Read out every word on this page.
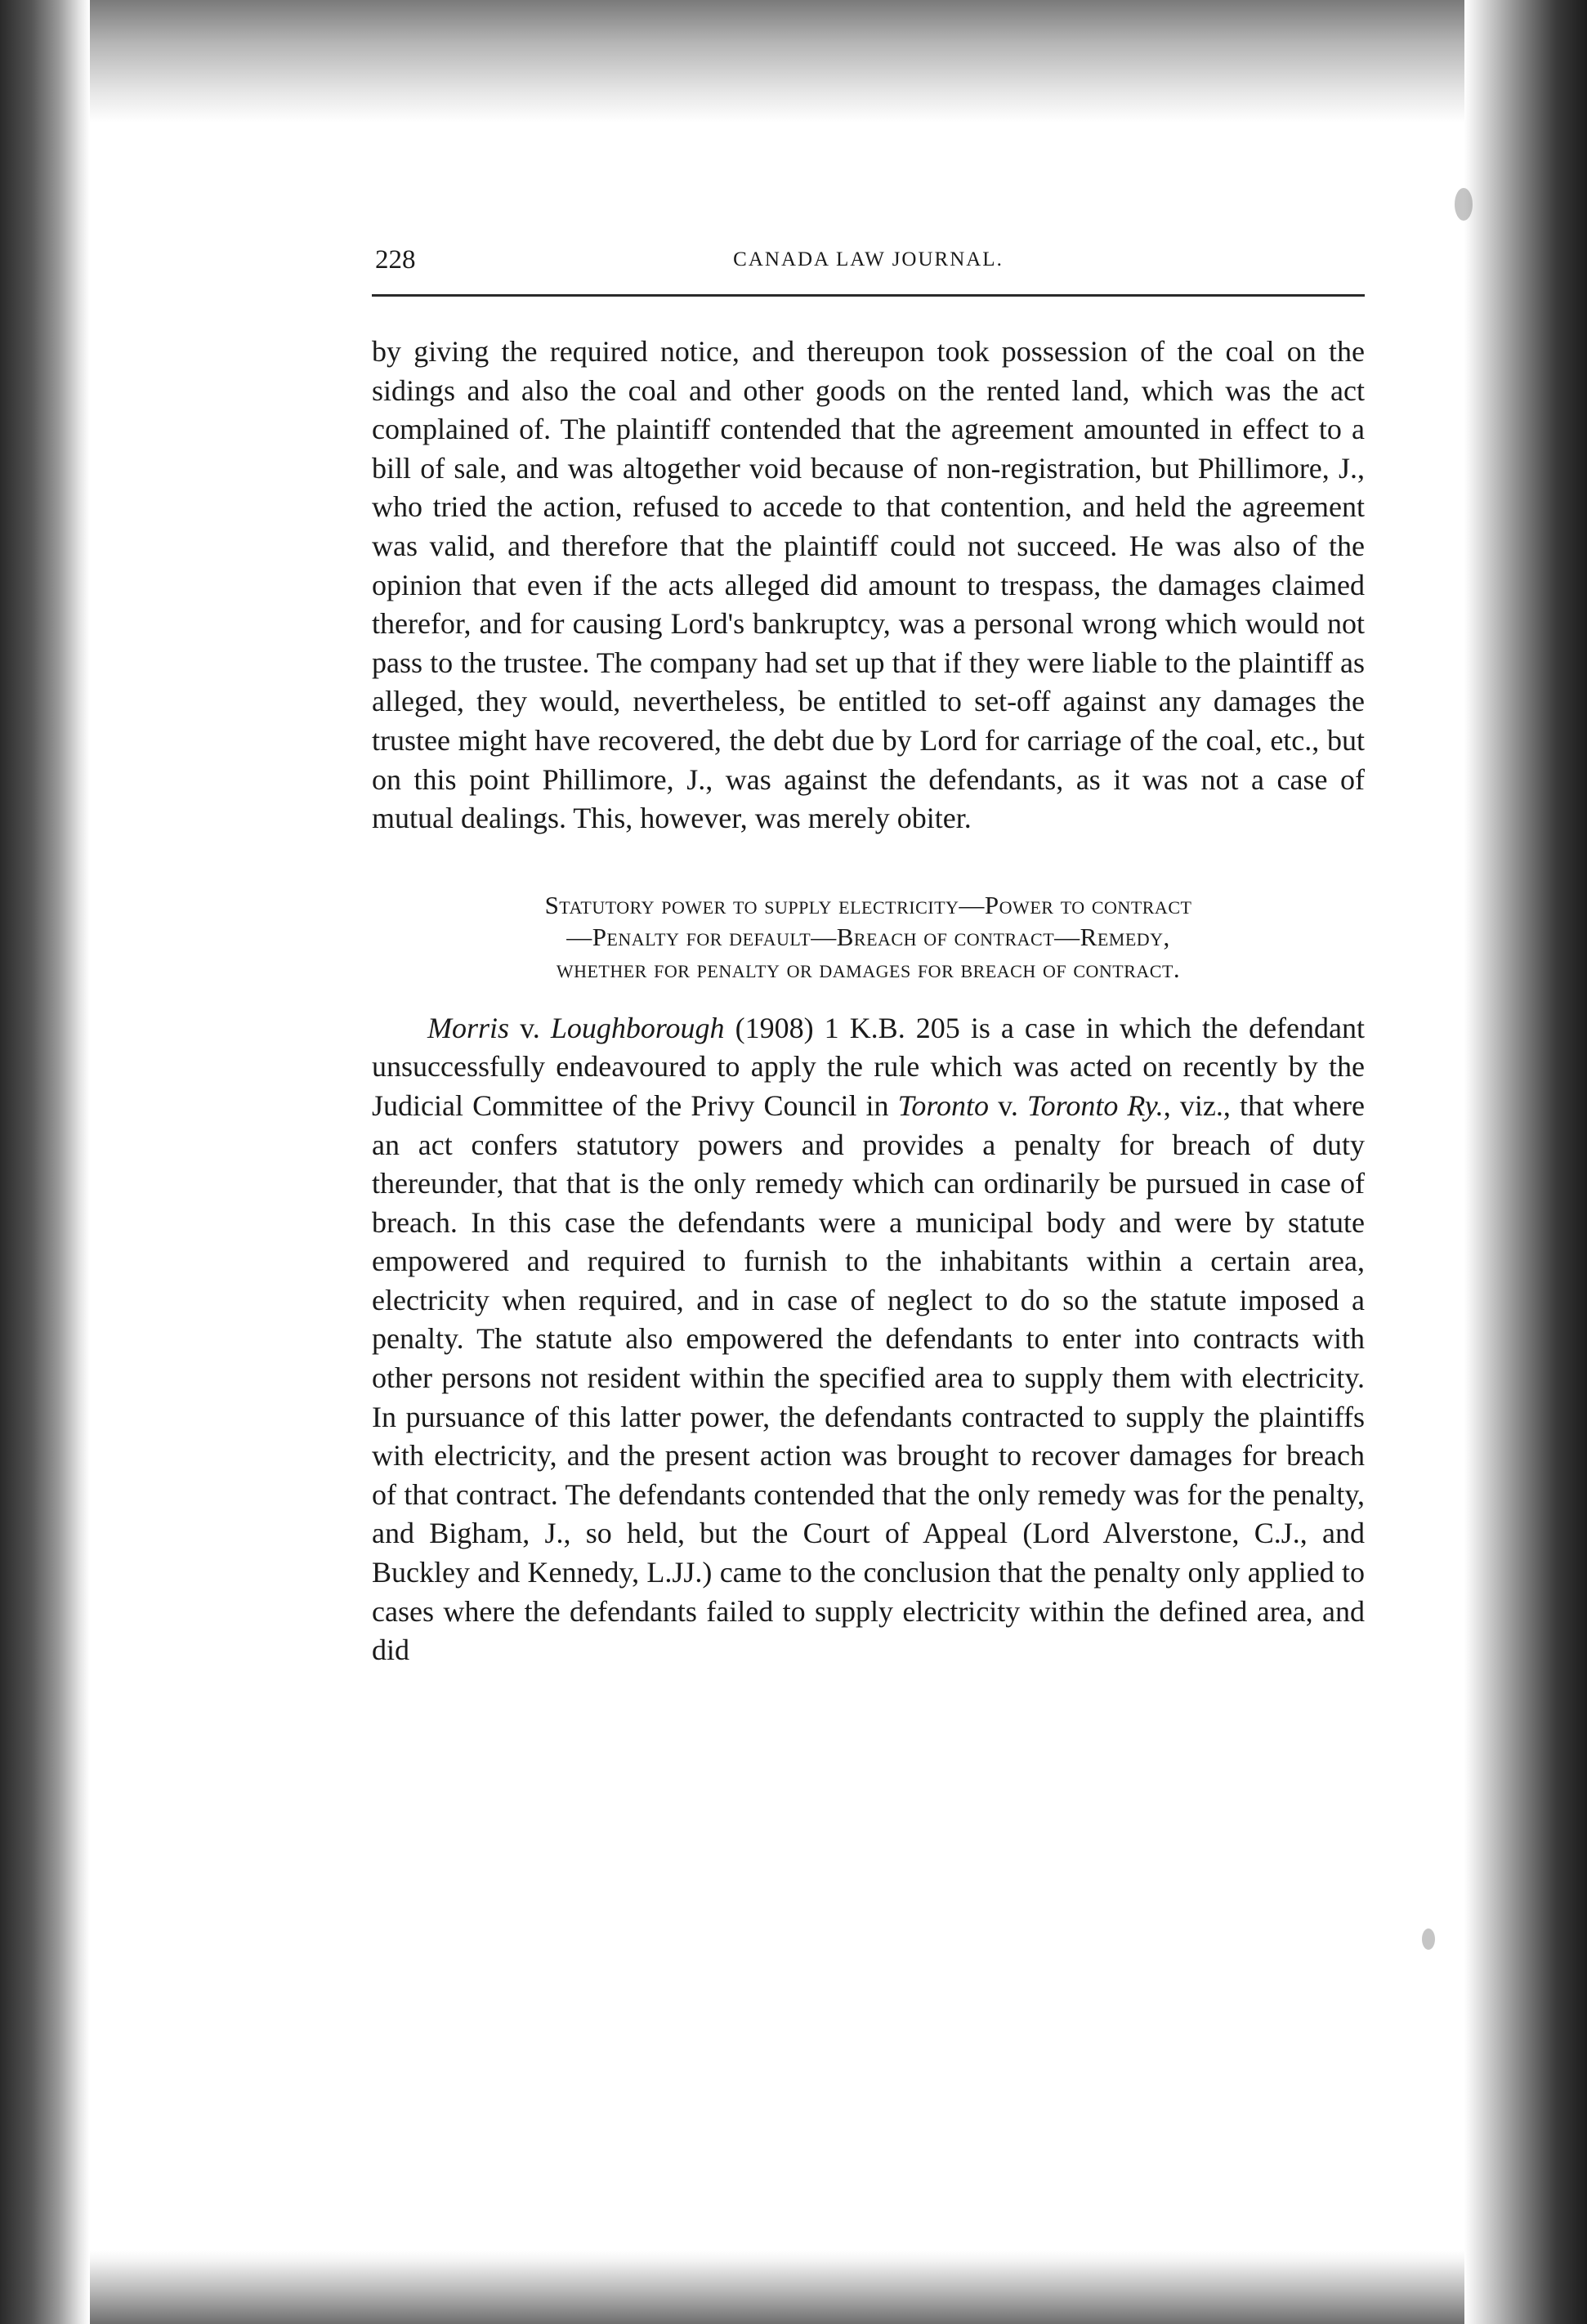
228	CANADA LAW JOURNAL.

by giving the required notice, and thereupon took possession of the coal on the sidings and also the coal and other goods on the rented land, which was the act complained of. The plaintiff contended that the agreement amounted in effect to a bill of sale, and was altogether void because of non-registration, but Phillimore, J., who tried the action, refused to accede to that contention, and held the agreement was valid, and therefore that the plaintiff could not succeed. He was also of the opinion that even if the acts alleged did amount to trespass, the damages claimed therefor, and for causing Lord's bankruptcy, was a personal wrong which would not pass to the trustee. The company had set up that if they were liable to the plaintiff as alleged, they would, nevertheless, be entitled to set-off against any damages the trustee might have recovered, the debt due by Lord for carriage of the coal, etc., but on this point Phillimore, J., was against the defendants, as it was not a case of mutual dealings. This, however, was merely obiter.

Statutory power to supply electricity—Power to contract
—Penalty for default—Breach of contract—Remedy,
whether for penalty or damages for breach of contract.

Morris v. Loughborough (1908) 1 K.B. 205 is a case in which the defendant unsuccessfully endeavoured to apply the rule which was acted on recently by the Judicial Committee of the Privy Council in Toronto v. Toronto Ry., viz., that where an act confers statutory powers and provides a penalty for breach of duty thereunder, that that is the only remedy which can ordinarily be pursued in case of breach. In this case the defendants were a municipal body and were by statute empowered and required to furnish to the inhabitants within a certain area, electricity when required, and in case of neglect to do so the statute imposed a penalty. The statute also empowered the defendants to enter into contracts with other persons not resident within the specified area to supply them with electricity. In pursuance of this latter power, the defendants contracted to supply the plaintiffs with electricity, and the present action was brought to recover damages for breach of that contract. The defendants contended that the only remedy was for the penalty, and Bigham, J., so held, but the Court of Appeal (Lord Alverstone, C.J., and Buckley and Kennedy, L.JJ.) came to the conclusion that the penalty only applied to cases where the defendants failed to supply electricity within the defined area, and did
